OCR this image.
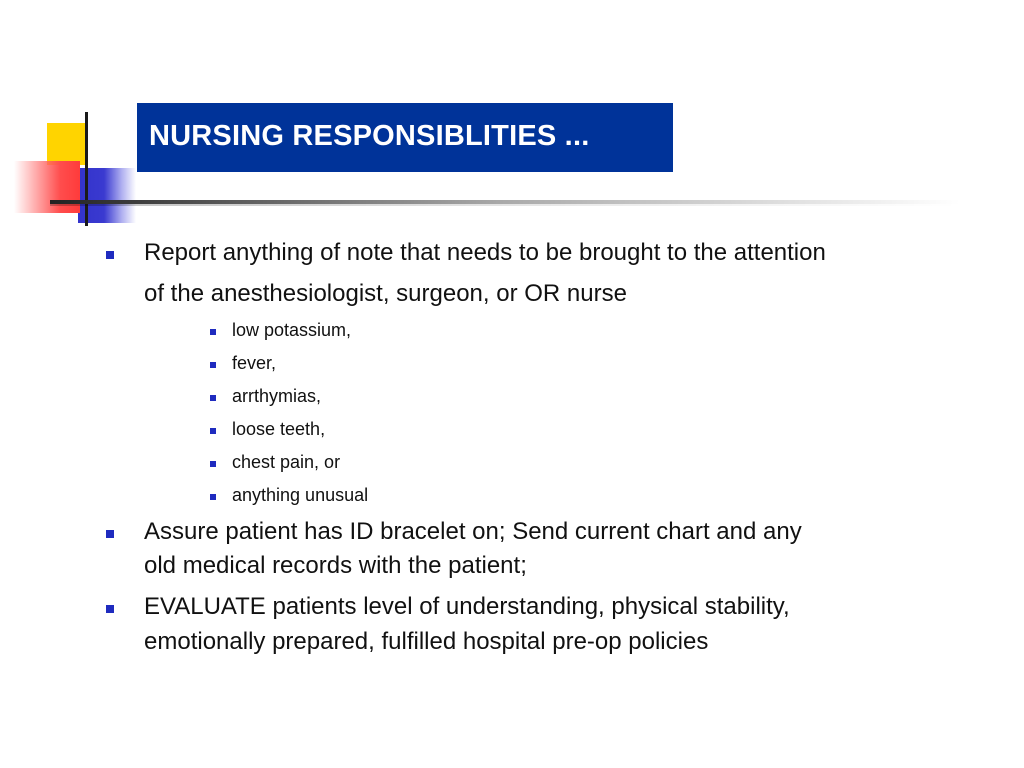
NURSING RESPONSIBLITIES ...
Report anything of note that needs to be brought to the attention
of the anesthesiologist, surgeon, or OR nurse
low potassium,
fever,
arrthymias,
loose teeth,
chest pain, or
anything unusual
Assure patient has ID bracelet on; Send current chart and any
old medical records with the patient;
EVALUATE patients level of understanding, physical stability,
emotionally prepared, fulfilled hospital pre-op policies
